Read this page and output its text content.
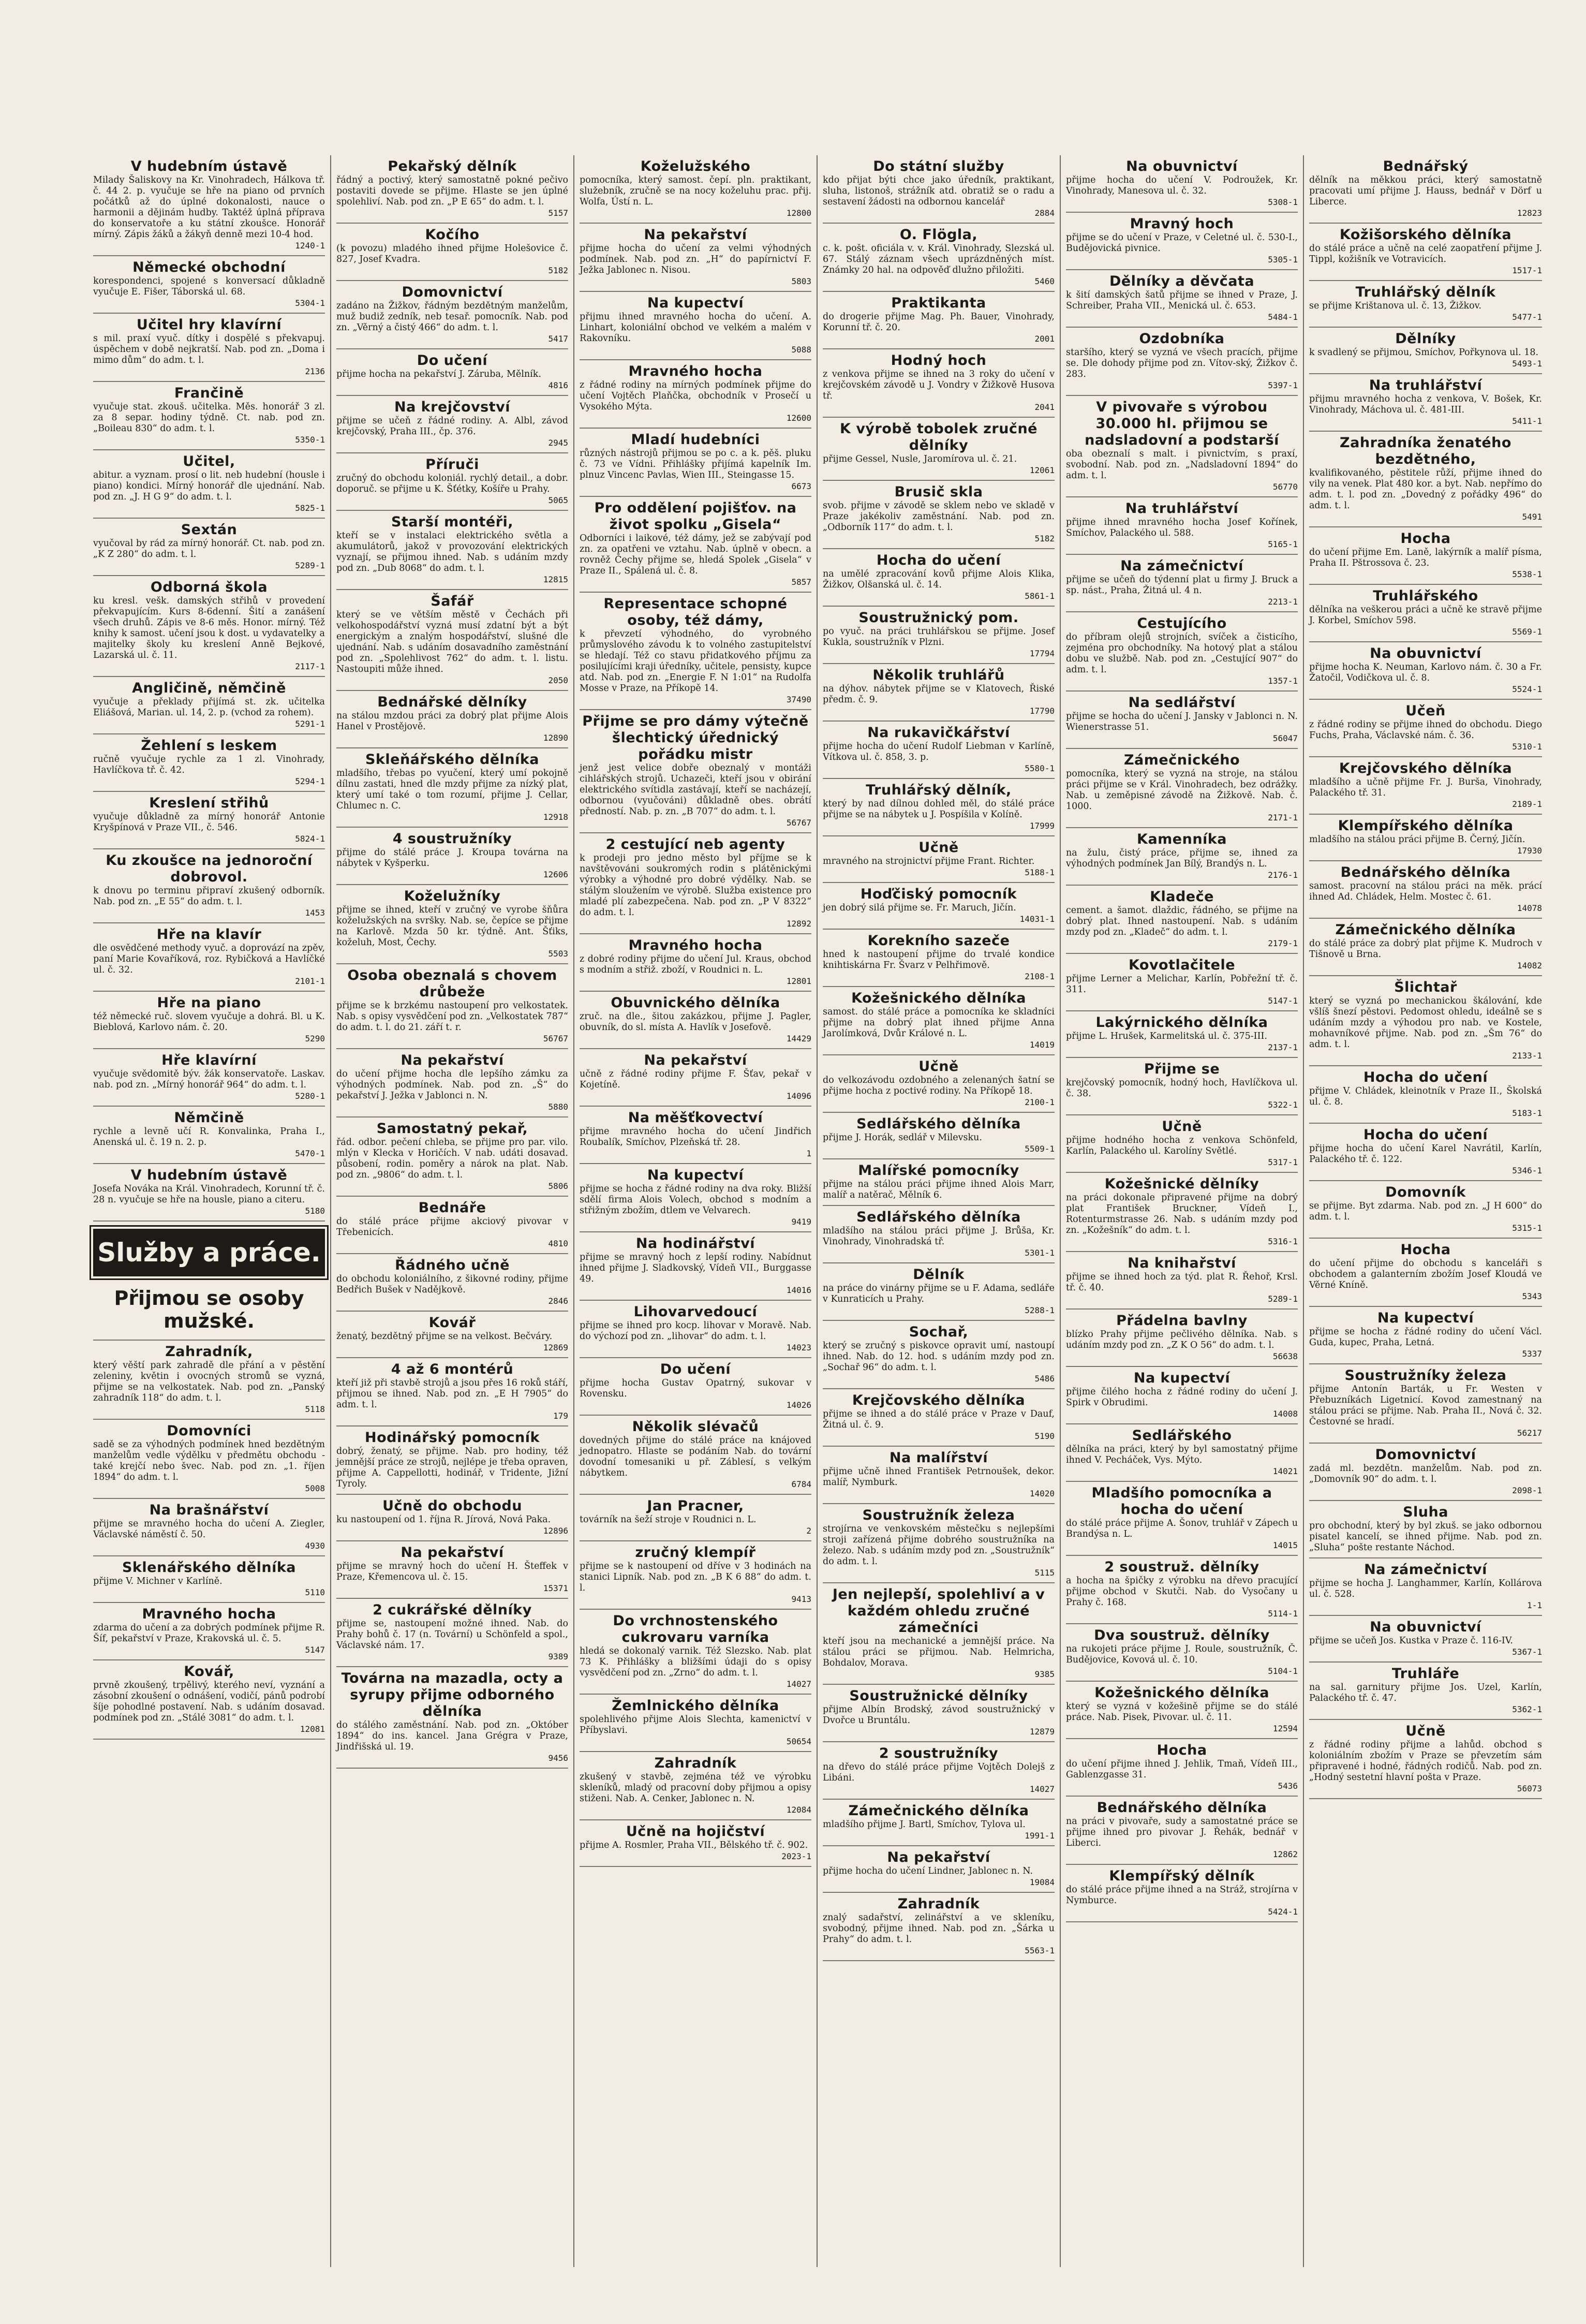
V hudebním ústavě
Milady Šaliskovy na Kr. Vinohradech, Hálkova tř. č. 44 2. p. vyučuje se hře na piano od prvních počátků až do úplné dokonalosti, nauce o harmonii a dějinám hudby. Taktéž úplná příprava do konservatoře a ku státní zkoušce. Honorář mírný. Zápis žáků a žákyň denně mezi 10-4 hod.
1240-1
Německé obchodní
korespondenci, spojené s konversací důkladně vyučuje E. Fišer, Táborská ul. 68.
5304-1
Učitel hry klavírní
s mil. praxí vyuč. dítky i dospělé s překvapuj. úspěchem v době nejkratší. Nab. pod zn. „Doma i mimo dům“ do adm. t. l.
2136
Frančině
vyučuje stat. zkouš. učitelka. Měs. honorář 3 zl. za 8 separ. hodiny týdně. Ct. nab. pod zn. „Boileau 830“ do adm. t. l.
5350-1
Učitel,
abitur. a vyznam. prosí o lit. neb hudební (housle i piano) kondici. Mírný honorář dle ujednání. Nab. pod zn. „J. H G 9“ do adm. t. l.
5825-1
Sextán
vyučoval by rád za mírný honorář. Ct. nab. pod zn. „K Z 280“ do adm. t. l.
5289-1
Odborná škola
ku kresl. vešk. damských střihů v provedení překvapujícím. Kurs 8-6denní. Šití a zanášení všech druhů. Zápis ve 8-6 měs. Honor. mírný. Též knihy k samost. učení jsou k dost. u vydavatelky a majitelky školy ku kreslení Anně Bejkové, Lazarská ul. č. 11.
2117-1
Angličině, němčině
vyučuje a překlady přijímá st. zk. učitelka Eliášová, Marian. ul. 14, 2. p. (vchod za rohem).
5291-1
Žehlení s leskem
ručně vyučuje rychle za 1 zl. Vinohrady, Havlíčkova tř. č. 42.
5294-1
Kreslení střihů
vyučuje důkladně za mírný honorář Antonie Kryšpínová v Praze VII., č. 546.
5824-1
Ku zkoušce na jednoroční dobrovol.
k dnovu po terminu připraví zkušený odborník. Nab. pod zn. „E 55“ do adm. t. l.
1453
Hře na klavír
dle osvědčené methody vyuč. a doprovází na zpěv, paní Marie Kovaříková, roz. Rybičková a Havlíčké ul. č. 32.
2101-1
Hře na piano
též německé ruč. slovem vyučuje a dohrá. Bl. u K. Bieblová, Karlovo nám. č. 20.
5290
Hře klavírní
vyučuje svědomitě býv. žák konservatoře. Laskav. nab. pod zn. „Mírný honorář 964“ do adm. t. l.
5280-1
Němčině
rychle a levně učí R. Konvalinka, Praha I., Anenská ul. č. 19 n. 2. p.
5470-1
V hudebním ústavě
Josefa Nováka na Král. Vinohradech, Korunní tř. č. 28 n. vyučuje se hře na housle, piano a citeru.
5180
Služby a práce.
Přijmou se osoby mužské.
Zahradník,
který věští park zahradě dle přání a v pěstění zeleniny, květin i ovocných stromů se vyzná, přijme se na velkostatek. Nab. pod zn. „Panský zahradník 118“ do adm. t. l.
5118
Domovníci
sadě se za výhodných podmínek hned bezdětným manželům vedle výdělku v předmětu obchodu - také krejčí nebo švec. Nab. pod zn. „1. říjen 1894“ do adm. t. l.
5008
Na brašnářství
přijme se mravného hocha do učení A. Ziegler, Václavské náměstí č. 50.
4930
Sklenářského dělníka
přijme V. Michner v Karlíně.
5110
Mravného hocha
zdarma do učení a za dobrých podmínek přijme R. Šíf, pekařství v Praze, Krakovská ul. č. 5.
5147
Kovář,
prvně zkoušený, trpělivý, kterého neví, vyznání a zásobní zkoušení o odnášení, vodičí, pánů podrobí šíje pohodlné postavení. Nab. s udáním dosavad. podmínek pod zn. „Stálé 3081“ do adm. t. l.
12081
Pekařský dělník
řádný a poctivý, který samostatně pokné pečivo postaviti dovede se přijme. Hlaste se jen úplné spolehliví. Nab. pod zn. „P E 65“ do adm. t. l.
5157
Kočího
(k povozu) mladého ihned přijme Holešovice č. 827, Josef Kvadra.
5182
Domovnictví
zadáno na Žižkov, řádným bezdětným manželům, muž budiž zedník, neb tesař. pomocník. Nab. pod zn. „Věrný a čistý 466“ do adm. t. l.
5417
Do učení
přijme hocha na pekařství J. Záruba, Mělník.
4816
Na krejčovství
přijme se učeň z řádné rodiny. A. Albl, závod krejčovský, Praha III., čp. 376.
2945
Příruči
zručný do obchodu koloniál. rychlý detail., a dobr. doporuč. se přijme u K. Šťétky, Košíře u Prahy.
5065
Starší montéři,
kteří se v instalaci elektrického světla a akumulátorů, jakož v provozování elektrických vyznají, se přijmou ihned. Nab. s udáním mzdy pod zn. „Dub 8068“ do adm. t. l.
12815
Šafář
který se ve větším městě v Čechách při velkohospodářství vyzná musí zdatní být a být energickým a znalým hospodářství, slušné dle ujednání. Nab. s udáním dosavadního zaměstnání pod zn. „Spolehlivost 762“ do adm. t. l. listu. Nastoupiti může ihned.
2050
Bednářské dělníky
na stálou mzdou práci za dobrý plat přijme Alois Hanel v Prostějově.
12890
Skleňářského dělníka
mladšího, třebas po vyučení, který umí pokojně dílnu zastati, hned dle mzdy přijme za nízký plat, který umí také o tom rozumí, přijme J. Cellar, Chlumec n. C.
12918
4 soustružníky
přijme do stálé práce J. Kroupa továrna na nábytek v Kyšperku.
12606
Koželužníky
přijme se ihned, kteří v zručný ve vyrobe šňůra koželužských na svršky. Nab. se, čepíce se přijme na Karlově. Mzda 50 kr. týdně. Ant. Šťiks, koželuh, Most, Čechy.
5503
Osoba obeznalá s chovem drůbeže
přijme se k brzkému nastoupení pro velkostatek. Nab. s opisy vysvědčení pod zn. „Velkostatek 787“ do adm. t. l. do 21. září t. r.
56767
Na pekařství
do učení přijme hocha dle lepšího zámku za výhodných podmínek. Nab. pod zn. „Š“ do pekařství J. Ježka v Jablonci n. N.
5880
Samostatný pekař,
řád. odbor. pečení chleba, se přijme pro par. vilo. mlýn v Klecka v Horičích. V nab. udáti dosavad. působení, rodin. poměry a nárok na plat. Nab. pod zn. „9806“ do adm. t. l.
5806
Bednáře
do stálé práce přijme akciový pivovar v Třebenicích.
4810
Řádného učně
do obchodu koloniálního, z šikovné rodiny, přijme Bedřich Bušek v Nadějkově.
2846
Kovář
ženatý, bezdětný přijme se na velkost. Bečváry.
12869
4 až 6 montérů
kteří již při stavbě strojů a jsou přes 16 roků stáří, přijmou se ihned. Nab. pod zn. „E H 7905“ do adm. t. l.
179
Hodinářský pomocník
dobrý, ženatý, se přijme. Nab. pro hodiny, též jemnější práce ze strojů, nejlépe je třeba opraven, přijme A. Cappellotti, hodinář, v Tridente, Jižní Tyroly.
Učně do obchodu
ku nastoupení od 1. října R. Jírová, Nová Paka.
12896
Na pekařství
přijme se mravný hoch do učení H. Šteffek v Praze, Křemencova ul. č. 15.
15371
2 cukrářské dělníky
přijme se, nastoupení možné ihned. Nab. do Prahy bohů č. 17 (n. Tovární) u Schönfeld a spol., Václavské nám. 17.
9389
Továrna na mazadla, octy a syrupy přijme odborného dělníka
do stálého zaměstnání. Nab. pod zn. „Október 1894“ do ins. kancel. Jana Grégra v Praze, Jindřišská ul. 19.
9456
Koželužského
pomocníka, který samost. čepí. pln. praktikant, služebník, zručně se na nocy koželuhu prac. přij. Wolfa, Ústí n. L.
12800
Na pekařství
přijme hocha do učení za velmi výhodných podmínek. Nab. pod zn. „H“ do papírnictví F. Ježka Jablonec n. Nisou.
5803
Na kupectví
přijmu ihned mravného hocha do učení. A. Linhart, koloniální obchod ve velkém a malém v Rakovníku.
5088
Mravného hocha
z řádné rodiny na mírných podmínek přijme do učení Vojtěch Plaňčka, obchodník v Prosečí u Vysokého Mýta.
12600
Mladí hudebníci
různých nástrojů přijmou se po c. a k. pěš. pluku č. 73 ve Vídni. Přihlášky přijímá kapelník Im. plnuz Vincenc Pavlas, Wien III., Steingasse 15.
6673
Pro oddělení pojišťov. na život spolku „Gisela“
Odborníci i laikové, též dámy, jež se zabývají pod zn. za opatřeni ve vztahu. Nab. úplně v obecn. a rovněž Čechy přijme se, hledá Spolek „Gisela“ v Praze II., Spálená ul. č. 8.
5857
Representace schopné osoby, též dámy,
k převzetí výhodného, do vyrobného průmyslového závodu k to volného zastupitelství se hledají. Též co stavu přidatkového příjmu za posilujícími kraji úředníky, učitele, pensisty, kupce atd. Nab. pod zn. „Energie F. N 1:01“ na Rudolfa Mosse v Praze, na Příkopě 14.
37490
Přijme se pro dámy výtečně šlechtický úřednický pořádku mistr
jenž jest velice dobře obeznalý v montáži cihlářských strojů. Uchazeči, kteří jsou v obirání elektrického svítidla zastávají, kteří se nacházejí, odbornou (vyučováni) důkladně obes. obrátí předností. Nab. p. zn. „B 707“ do adm. t. l.
56767
2 cestující neb agenty
k prodeji pro jedno město byl příjme se k navštěvováni soukromých rodin s plátěnickými výrobky a výhodné pro dobré výdělky. Nab. se stálým sloužením ve výrobě. Služba existence pro mladé plí zabezpečena. Nab. pod zn. „P V 8322“ do adm. t. l.
12892
Mravného hocha
z dobré rodiny přijme do učení Jul. Kraus, obchod s modním a střiž. zboží, v Roudnici n. L.
12801
Obuvnického dělníka
zruč. na dle., šitou zakázkou, přijme J. Pagler, obuvník, do sl. místa A. Havlík v Josefově.
14429
Na pekařství
učně z řádné rodiny přijme F. Šťav, pekař v Kojetíně.
14096
Na měšťkovectví
přijme mravného hocha do učení Jindřich Roubalík, Smíchov, Plzeňská tř. 28.
1
Na kupectví
přijme se hocha z řádné rodiny na dva roky. Bližší sdělí firma Alois Volech, obchod s modním a střižným zbožím, dtlem ve Velvarech.
9419
Na hodinářství
přijme se mravný hoch z lepší rodiny. Nabídnut ihned přijme J. Sladkovský, Vídeň VII., Burggasse 49.
14016
Lihovarvedoucí
přijme se ihned pro kocp. lihovar v Moravě. Nab. do výchozí pod zn. „lihovar“ do adm. t. l.
14023
Do učení
přijme hocha Gustav Opatrný, sukovar v Rovensku.
14026
Několik slévačů
dovedných přijme do stálé práce na knájoved jednopatro. Hlaste se podáním Nab. do tovární dovodní tomesaniki u př. Záblesí, s velkým nábytkem.
6784
Jan Pracner,
továrník na šeží stroje v Roudnici n. L.
2
zručný klempíř
přijme se k nastoupení od dříve v 3 hodinách na stanici Lipník. Nab. pod zn. „B K 6 88“ do adm. t. l.
9413
Do vrchnostenského cukrovaru varníka
hledá se dokonalý varnik. Též Slezsko. Nab. plat 73 K. Přihlášky a bližšími údaji do s opisy vysvědčení pod zn. „Zrno“ do adm. t. l.
14027
Žemlnického dělníka
spolehlivého přijme Alois Slechta, kamenictví v Příbyslavi.
50654
Zahradník
zkušený v stavbě, zejména též ve výrobku skleníků, mladý od pracovní doby přijmou a opisy stiženi. Nab. A. Cenker, Jablonec n. N.
12084
Učně na hojičství
přijme A. Rosmler, Praha VII., Bělského tř. č. 902.
2023-1
Do státní služby
kdo přijat býti chce jako úředník, praktikant, sluha, listonoš, strážník atd. obratiž se o radu a sestavení žádosti na odbornou kancelář
2884
O. Flögla,
c. k. pošt. oficiála v. v. Král. Vinohrady, Slezská ul. 67. Stálý záznam všech uprázdněných míst. Známky 20 hal. na odpověď dlužno přiložiti.
5460
Praktikanta
do drogerie přijme Mag. Ph. Bauer, Vinohrady, Korunní tř. č. 20.
2001
Hodný hoch
z venkova přijme se ihned na 3 roky do učení v krejčovském závodě u J. Vondry v Žižkově Husova tř.
2041
K výrobě tobolek zručné dělníky
přijme Gessel, Nusle, Jaromírova ul. č. 21.
12061
Brusič skla
svob. přijme v závodě se sklem nebo ve skladě v Praze jakékoliv zaměstnání. Nab. pod zn. „Odborník 117“ do adm. t. l.
5182
Hocha do učení
na umělé zpracování kovů přijme Alois Klika, Žižkov, Olšanská ul. č. 14.
5861-1
Soustružnický pom.
po vyuč. na práci truhlářskou se přijme. Josef Kukla, soustružník v Plzni.
17794
Několik truhlářů
na dýhov. nábytek přijme se v Klatovech, Řiské předm. č. 9.
17790
Na rukavičkářství
přijme hocha do učení Rudolf Liebman v Karlíně, Vítkova ul. č. 858, 3. p.
5580-1
Truhlářský dělník,
který by nad dílnou dohled měl, do stálé práce přijme se na nábytek u J. Pospíšila v Kolíně.
17999
Učně
mravného na strojnictví přijme Frant. Richter.
5188-1
Hoďčiský pomocník
jen dobrý silá přijme se. Fr. Maruch, Jičín.
14031-1
Korekního sazeče
hned k nastoupení přijme do trvalé kondice knihtiskárna Fr. Švarz v Pelhřimově.
2108-1
Kožešnického dělníka
samost. do stálé práce a pomocníka ke skladníci přijme na dobrý plat ihned přijme Anna Jarolímková, Dvůr Králové n. L.
14019
Učně
do velkozávodu ozdobného a zelenaných šatní se přijme hocha z poctivé rodiny. Na Příkopě 18.
2100-1
Sedlářského dělníka
přijme J. Horák, sedlář v Milevsku.
5509-1
Malířské pomocníky
přijme na stálou práci přijme ihned Alois Marr, malíř a natěrač, Mělník 6.
Sedlářského dělníka
mladšího na stálou práci přijme J. Brůša, Kr. Vinohrady, Vinohradská tř.
5301-1
Dělník
na práce do vinárny přijme se u F. Adama, sedláře v Kunraticích u Prahy.
5288-1
Sochař,
který se zručný s piskovce opravit umí, nastoupí ihned. Nab. do 12. hod. s udáním mzdy pod zn. „Sochař 96“ do adm. t. l.
5486
Krejčovského dělníka
přijme se ihned a do stálé práce v Praze v Dauf, Žitná ul. č. 9.
5190
Na malířství
přijme učně ihned František Petrnoušek, dekor. malíř, Nymburk.
14020
Soustružník železa
strojírna ve venkovském městečku s nejlepšími stroji zařízená přijme dobrého soustružníka na železo. Nab. s udáním mzdy pod zn. „Soustružník“ do adm. t. l.
5115
Jen nejlepší, spolehliví a v každém ohledu zručné zámečníci
kteří jsou na mechanické a jemnější práce. Na stálou práci se přijmou. Nab. Helmricha, Bohdalov, Morava.
9385
Soustružnické dělníky
přijme Albín Brodský, závod soustružnický v Dvořce u Bruntálu.
12879
2 soustružníky
na dřevo do stálé práce přijme Vojtěch Dolejš z Libáni.
14027
Zámečnického dělníka
mladšího přijme J. Bartl, Smíchov, Tylova ul.
1991-1
Na pekařství
přijme hocha do učení Lindner, Jablonec n. N.
19084
Zahradník
znalý sadařství, zelinářství a ve skleníku, svobodný, přijme ihned. Nab. pod zn. „Šárka u Prahy“ do adm. t. l.
5563-1
Na obuvnictví
přijme hocha do učení V. Podroužek, Kr. Vinohrady, Manesova ul. č. 32.
5308-1
Mravný hoch
přijme se do učení v Praze, v Celetné ul. č. 530-I., Budějovická pivnice.
5305-1
Dělníky a děvčata
k šití damských šatů přijme se ihned v Praze, J. Schreiber, Praha VII., Menická ul. č. 653.
5484-1
Ozdobníka
staršího, který se vyzná ve všech pracích, přijme se. Dle dohody přijme pod zn. Vítov-ský, Žižkov č. 283.
5397-1
V pivovaře s výrobou 30.000 hl. přijmou se nadsladovní a podstarší
oba obeznalí s malt. i pivnictvím, s praxí, svobodní. Nab. pod zn. „Nadsladovní 1894“ do adm. t. l.
56770
Na truhlářství
přijme ihned mravného hocha Josef Kořínek, Smíchov, Palackého ul. 588.
5165-1
Na zámečnictví
přijme se učeň do týdenní plat u firmy J. Bruck a sp. nást., Praha, Žitná ul. 4 n.
2213-1
Cestujícího
do příbram olejů strojních, svíček a čisticího, zejména pro obchodníky. Na hotový plat a stálou dobu ve službě. Nab. pod zn. „Cestující 907“ do adm. t. l.
1357-1
Na sedlářství
přijme se hocha do učení J. Jansky v Jablonci n. N. Wienerstrasse 51.
56047
Zámečnického
pomocníka, který se vyzná na stroje, na stálou práci přijme se v Král. Vinohradech, bez odrážky. Nab. u zeměpisné závodě na Žižkově. Nab. č. 1000.
2171-1
Kamenníka
na žulu, čistý práce, přijme se, ihned za výhodných podmínek Jan Bílý, Brandýs n. L.
2176-1
Kladeče
cement. a šamot. dlaždic, řádného, se přijme na dobrý plat. Ihned nastoupení. Nab. s udáním mzdy pod zn. „Kladeč“ do adm. t. l.
2179-1
Kovotlačitele
přijme Lerner a Melichar, Karlín, Pobřežní tř. č. 311.
5147-1
Lakýrnického dělníka
přijme L. Hrušek, Karmelitská ul. č. 375-III.
2137-1
Přijme se
krejčovský pomocník, hodný hoch, Havlíčkova ul. č. 38.
5322-1
Učně
přijme hodného hocha z venkova Schönfeld, Karlín, Palackého ul. Karolíny Světlé.
5317-1
Kožešnické dělníky
na práci dokonale připravené přijme na dobrý plat František Bruckner, Vídeň I., Rotenturmstrasse 26. Nab. s udáním mzdy pod zn. „Kožešník“ do adm. t. l.
5316-1
Na knihařství
přijme se ihned hoch za týd. plat R. Řehoř, Krsl. tř. č. 40.
5289-1
Přádelna bavlny
blízko Prahy přijme pečlivého dělníka. Nab. s udáním mzdy pod zn. „Z K O 56“ do adm. t. l.
56638
Na kupectví
přijme čilého hocha z řádné rodiny do učení J. Spirk v Obrudimi.
14008
Sedlářského
dělníka na práci, který by byl samostatný přijme ihned V. Pecháček, Vys. Mýto.
14021
Mladšího pomocníka a hocha do učení
do stálé práce přijme A. Šonov, truhlář v Zápech u Brandýsa n. L.
14015
2 soustruž. dělníky
a hocha na špičky z výrobku na dřevo pracující přijme obchod v Skutči. Nab. do Vysočany u Prahy č. 168.
5114-1
Dva soustruž. dělníky
na rukojeti práce přijme J. Roule, soustružník, Č. Budějovice, Kovová ul. č. 10.
5104-1
Kožešnického dělníka
který se vyzná v kožešině přijme se do stálé práce. Nab. Pisek, Pivovar. ul. č. 11.
12594
Hocha
do učení přijme ihned J. Jehlik, Tmaň, Vídeň III., Gablenzgasse 31.
5436
Bednářského dělníka
na práci v pivovaře, sudy a samostatné práce se přijme ihned pro pivovar J. Řehák, bednář v Liberci.
12862
Klempířský dělník
do stálé práce přijme ihned a na Stráž, strojírna v Nymburce.
5424-1
Bednářský
dělník na měkkou práci, který samostatně pracovati umí přijme J. Hauss, bednář v Dörf u Liberce.
12823
Kožišorského dělníka
do stálé práce a učně na celé zaopatření přijme J. Tippl, kožišník ve Votravicích.
1517-1
Truhlářský dělník
se přijme Krištanova ul. č. 13, Žižkov.
5477-1
Dělníky
k svadlený se přijmou, Smíchov, Pořkynova ul. 18.
5493-1
Na truhlářství
přijmu mravného hocha z venkova, V. Bošek, Kr. Vinohrady, Máchova ul. č. 481-III.
5411-1
Zahradníka ženatého bezdětného,
kvalifikovaného, pěstitele růží, přijme ihned do vily na venek. Plat 480 kor. a byt. Nab. nepřímo do adm. t. l. pod zn. „Dovedný z pořádky 496“ do adm. t. l.
5491
Hocha
do učení přijme Em. Laně, lakýrník a malíř písma, Praha II. Pštrossova č. 23.
5538-1
Truhlářského
dělníka na veškerou práci a učně ke stravě přijme J. Korbel, Smíchov 598.
5569-1
Na obuvnictví
přijme hocha K. Neuman, Karlovo nám. č. 30 a Fr. Žatočil, Vodičkova ul. č. 8.
5524-1
Učeň
z řádné rodiny se přijme ihned do obchodu. Diego Fuchs, Praha, Václavské nám. č. 36.
5310-1
Krejčovského dělníka
mladšího a učně přijme Fr. J. Burša, Vinohrady, Palackého tř. 31.
2189-1
Klempířského dělníka
mladšího na stálou práci přijme B. Černý, Jičín.
17930
Bednářského dělníka
samost. pracovní na stálou práci na měk. prácí ihned Ad. Chládek, Helm. Mostec č. 61.
14078
Zámečnického dělníka
do stálé práce za dobrý plat přijme K. Mudroch v Tišnově u Brna.
14082
Šlichtař
který se vyzná po mechanickou škálování, kde všlíš šnezí pěstovi. Pedomost ohledu, ideálně se s udáním mzdy a výhodou pro nab. ve Kostele, mohavníkové přijme. Nab. pod zn. „Šm 76“ do adm. t. l.
2133-1
Hocha do učení
přijme V. Chládek, kleinotník v Praze II., Školská ul. č. 8.
5183-1
Hocha do učení
přijme hocha do učení Karel Navrátil, Karlín, Palackého tř. č. 122.
5346-1
Domovník
se přijme. Byt zdarma. Nab. pod zn. „J H 600“ do adm. t. l.
5315-1
Hocha
do učení přijme do obchodu s kanceláři s obchodem a galanterním zbožím Josef Kloudá ve Věrné Kníně.
5343
Na kupectví
přijme se hocha z řádné rodiny do učení Václ. Guda, kupec, Praha, Letná.
5337
Soustružníky železa
přijme Antonín Barták, u Fr. Westen v Přebuzníkách Ligetnicí. Kovod zamestnaný na stálou práci se přijme. Nab. Praha II., Nová č. 32. Čestovné se hradí.
56217
Domovnictví
zadá ml. bezdětn. manželům. Nab. pod zn. „Domovník 90“ do adm. t. l.
2098-1
Sluha
pro obchodní, který by byl zkuš. se jako odbornou pisatel kancelí, se ihned přijme. Nab. pod zn. „Sluha“ pošte restante Náchod.
Na zámečnictví
přijme se hocha J. Langhammer, Karlín, Kollárova ul. č. 528.
1-1
Na obuvnictví
přijme se učeň Jos. Kustka v Praze č. 116-IV.
5367-1
Truhláře
na sal. garnitury přijme Jos. Uzel, Karlín, Palackého tř. č. 47.
5362-1
Učně
z řádné rodiny přijme a lahůd. obchod s koloniálním zbožím v Praze se převzetím sám připravené i hodné, řádných rodičů. Nab. pod zn. „Hodný sestetní hlavní pošta v Praze.
56073
